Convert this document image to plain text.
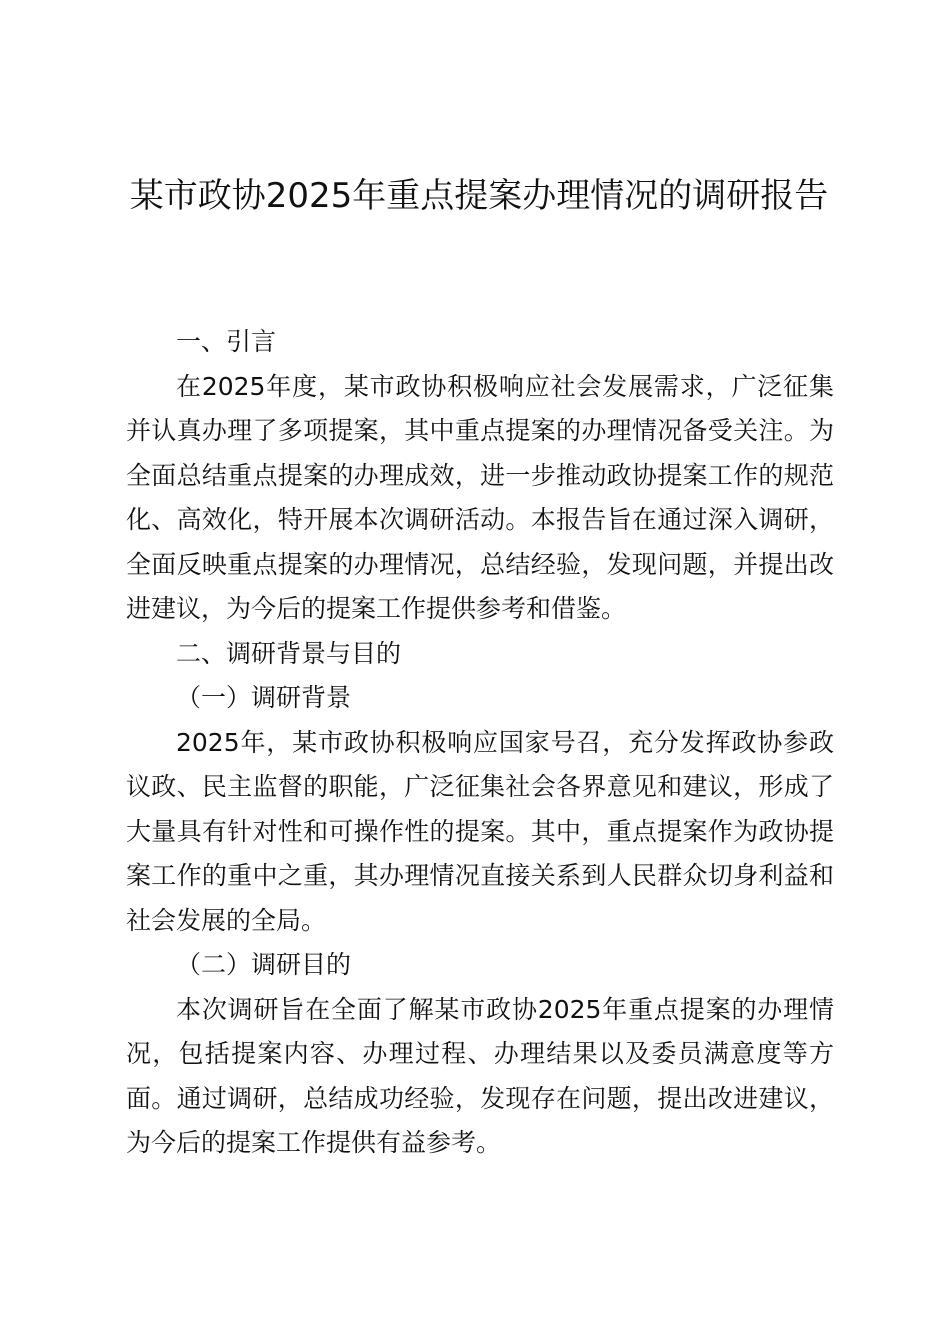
某市政协2025年重点提案办理情况的调研报告

一、引言

在2025年度，某市政协积极响应社会发展需求，广泛征集并认真办理了多项提案，其中重点提案的办理情况备受关注。为全面总结重点提案的办理成效，进一步推动政协提案工作的规范化、高效化，特开展本次调研活动。本报告旨在通过深入调研，全面反映重点提案的办理情况，总结经验，发现问题，并提出改进建议，为今后的提案工作提供参考和借鉴。

二、调研背景与目的

（一）调研背景

2025年，某市政协积极响应国家号召，充分发挥政协参政议政、民主监督的职能，广泛征集社会各界意见和建议，形成了大量具有针对性和可操作性的提案。其中，重点提案作为政协提案工作的重中之重，其办理情况直接关系到人民群众切身利益和社会发展的全局。

（二）调研目的

本次调研旨在全面了解某市政协2025年重点提案的办理情况，包括提案内容、办理过程、办理结果以及委员满意度等方面。通过调研，总结成功经验，发现存在问题，提出改进建议，为今后的提案工作提供有益参考。
